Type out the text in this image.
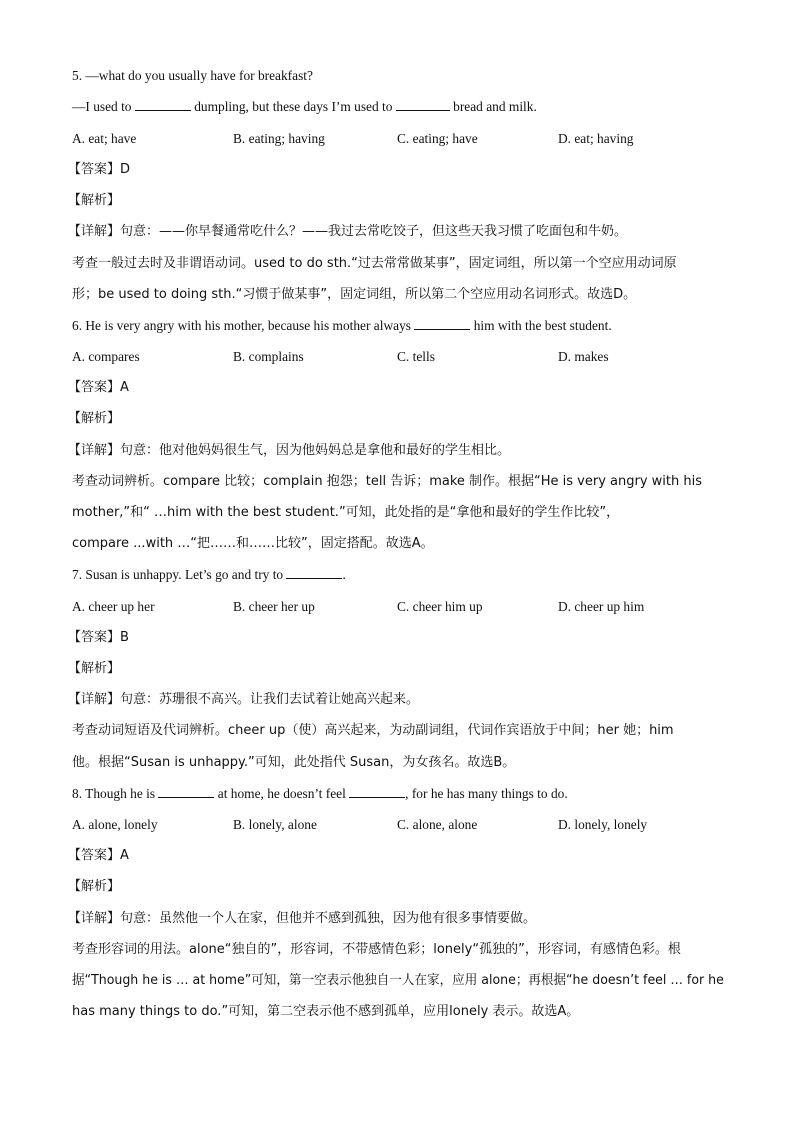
5. —what do you usually have for breakfast?
—I used to	dumpling, but these days I’m used to	bread and milk.
A. eat; have	B. eating; having	C. eating; have	D. eat; having
【答案】D
【解析】
【详解】句意：——你早餐通常吃什么？——我过去常吃饺子，但这些天我习惯了吃面包和牛奶。
考查一般过去时及非谓语动词。used to do sth.“过去常常做某事”，固定词组，所以第一个空应用动词原
形；be used to doing sth.“习惯于做某事”，固定词组，所以第二个空应用动名词形式。故选D。
6. He is very angry with his mother, because his mother always	him with the best student.
A. compares	B. complains	C. tells	D. makes
【答案】A
【解析】
【详解】句意：他对他妈妈很生气，因为他妈妈总是拿他和最好的学生相比。
考查动词辨析。compare 比较；complain 抱怨；tell 告诉；make 制作。根据“He is very angry with his
mother,”和“ …him with the best student.”可知，此处指的是“拿他和最好的学生作比较”，
compare ...with …“把……和……比较”，固定搭配。故选A。
7. Susan is unhappy. Let’s go and try to	.
A. cheer up her	B. cheer her up	C. cheer him up	D. cheer up him
【答案】B
【解析】
【详解】句意：苏珊很不高兴。让我们去试着让她高兴起来。
考查动词短语及代词辨析。cheer up（使）高兴起来，为动副词组，代词作宾语放于中间；her 她；him
他。根据“Susan is unhappy.”可知，此处指代 Susan，为女孩名。故选B。
8. Though he is	at home, he doesn’t feel	, for he has many things to do.
A. alone, lonely	B. lonely, alone	C. alone, alone	D. lonely, lonely
【答案】A
【解析】
【详解】句意：虽然他一个人在家，但他并不感到孤独，因为他有很多事情要做。
考查形容词的用法。alone“独自的”，形容词，不带感情色彩；lonely“孤独的”，形容词，有感情色彩。根
据“Though he is … at home”可知，第一空表示他独自一人在家，应用 alone；再根据“he doesn’t feel … for he
has many things to do.”可知，第二空表示他不感到孤单，应用lonely 表示。故选A。
